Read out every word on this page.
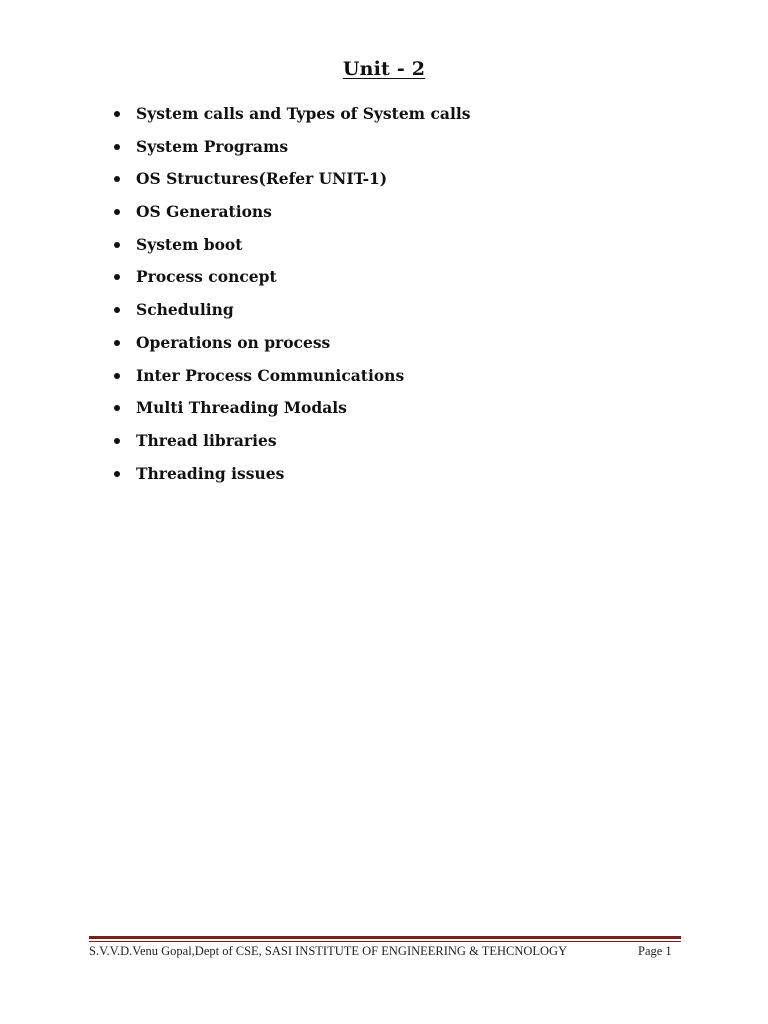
Unit - 2
System calls and Types of System calls
System Programs
OS Structures(Refer UNIT-1)
OS Generations
System boot
Process concept
Scheduling
Operations on process
Inter Process Communications
Multi Threading Modals
Thread libraries
Threading issues
S.V.V.D.Venu Gopal,Dept of CSE, SASI INSTITUTE OF ENGINEERING & TEHCNOLOGY	Page 1
